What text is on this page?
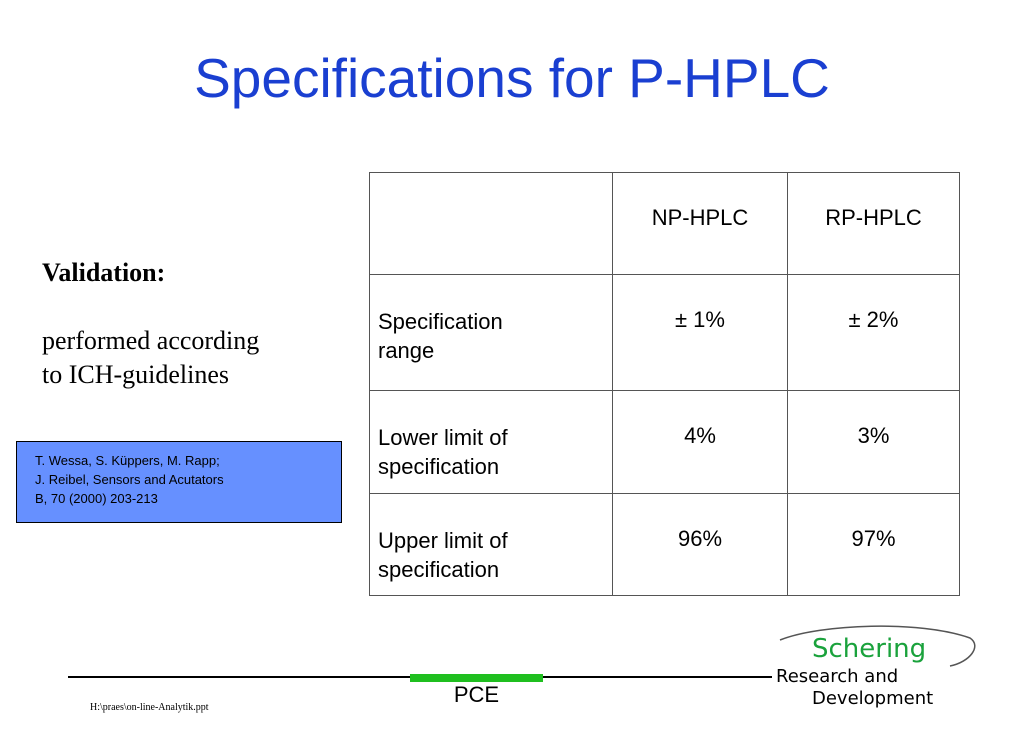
Specifications for P-HPLC
Validation:
performed according
to ICH-guidelines
T. Wessa, S. Küppers, M. Rapp;
J. Reibel, Sensors and Acutators
B, 70 (2000) 203-213
	NP-HPLC	RP-HPLC

Specification
range	± 1%	± 2%

Lower limit of
specification	4%	3%

Upper limit of
specification	96%	97%
PCE
H:\praes\on-line-Analytik.ppt
Schering
Research and
Development
